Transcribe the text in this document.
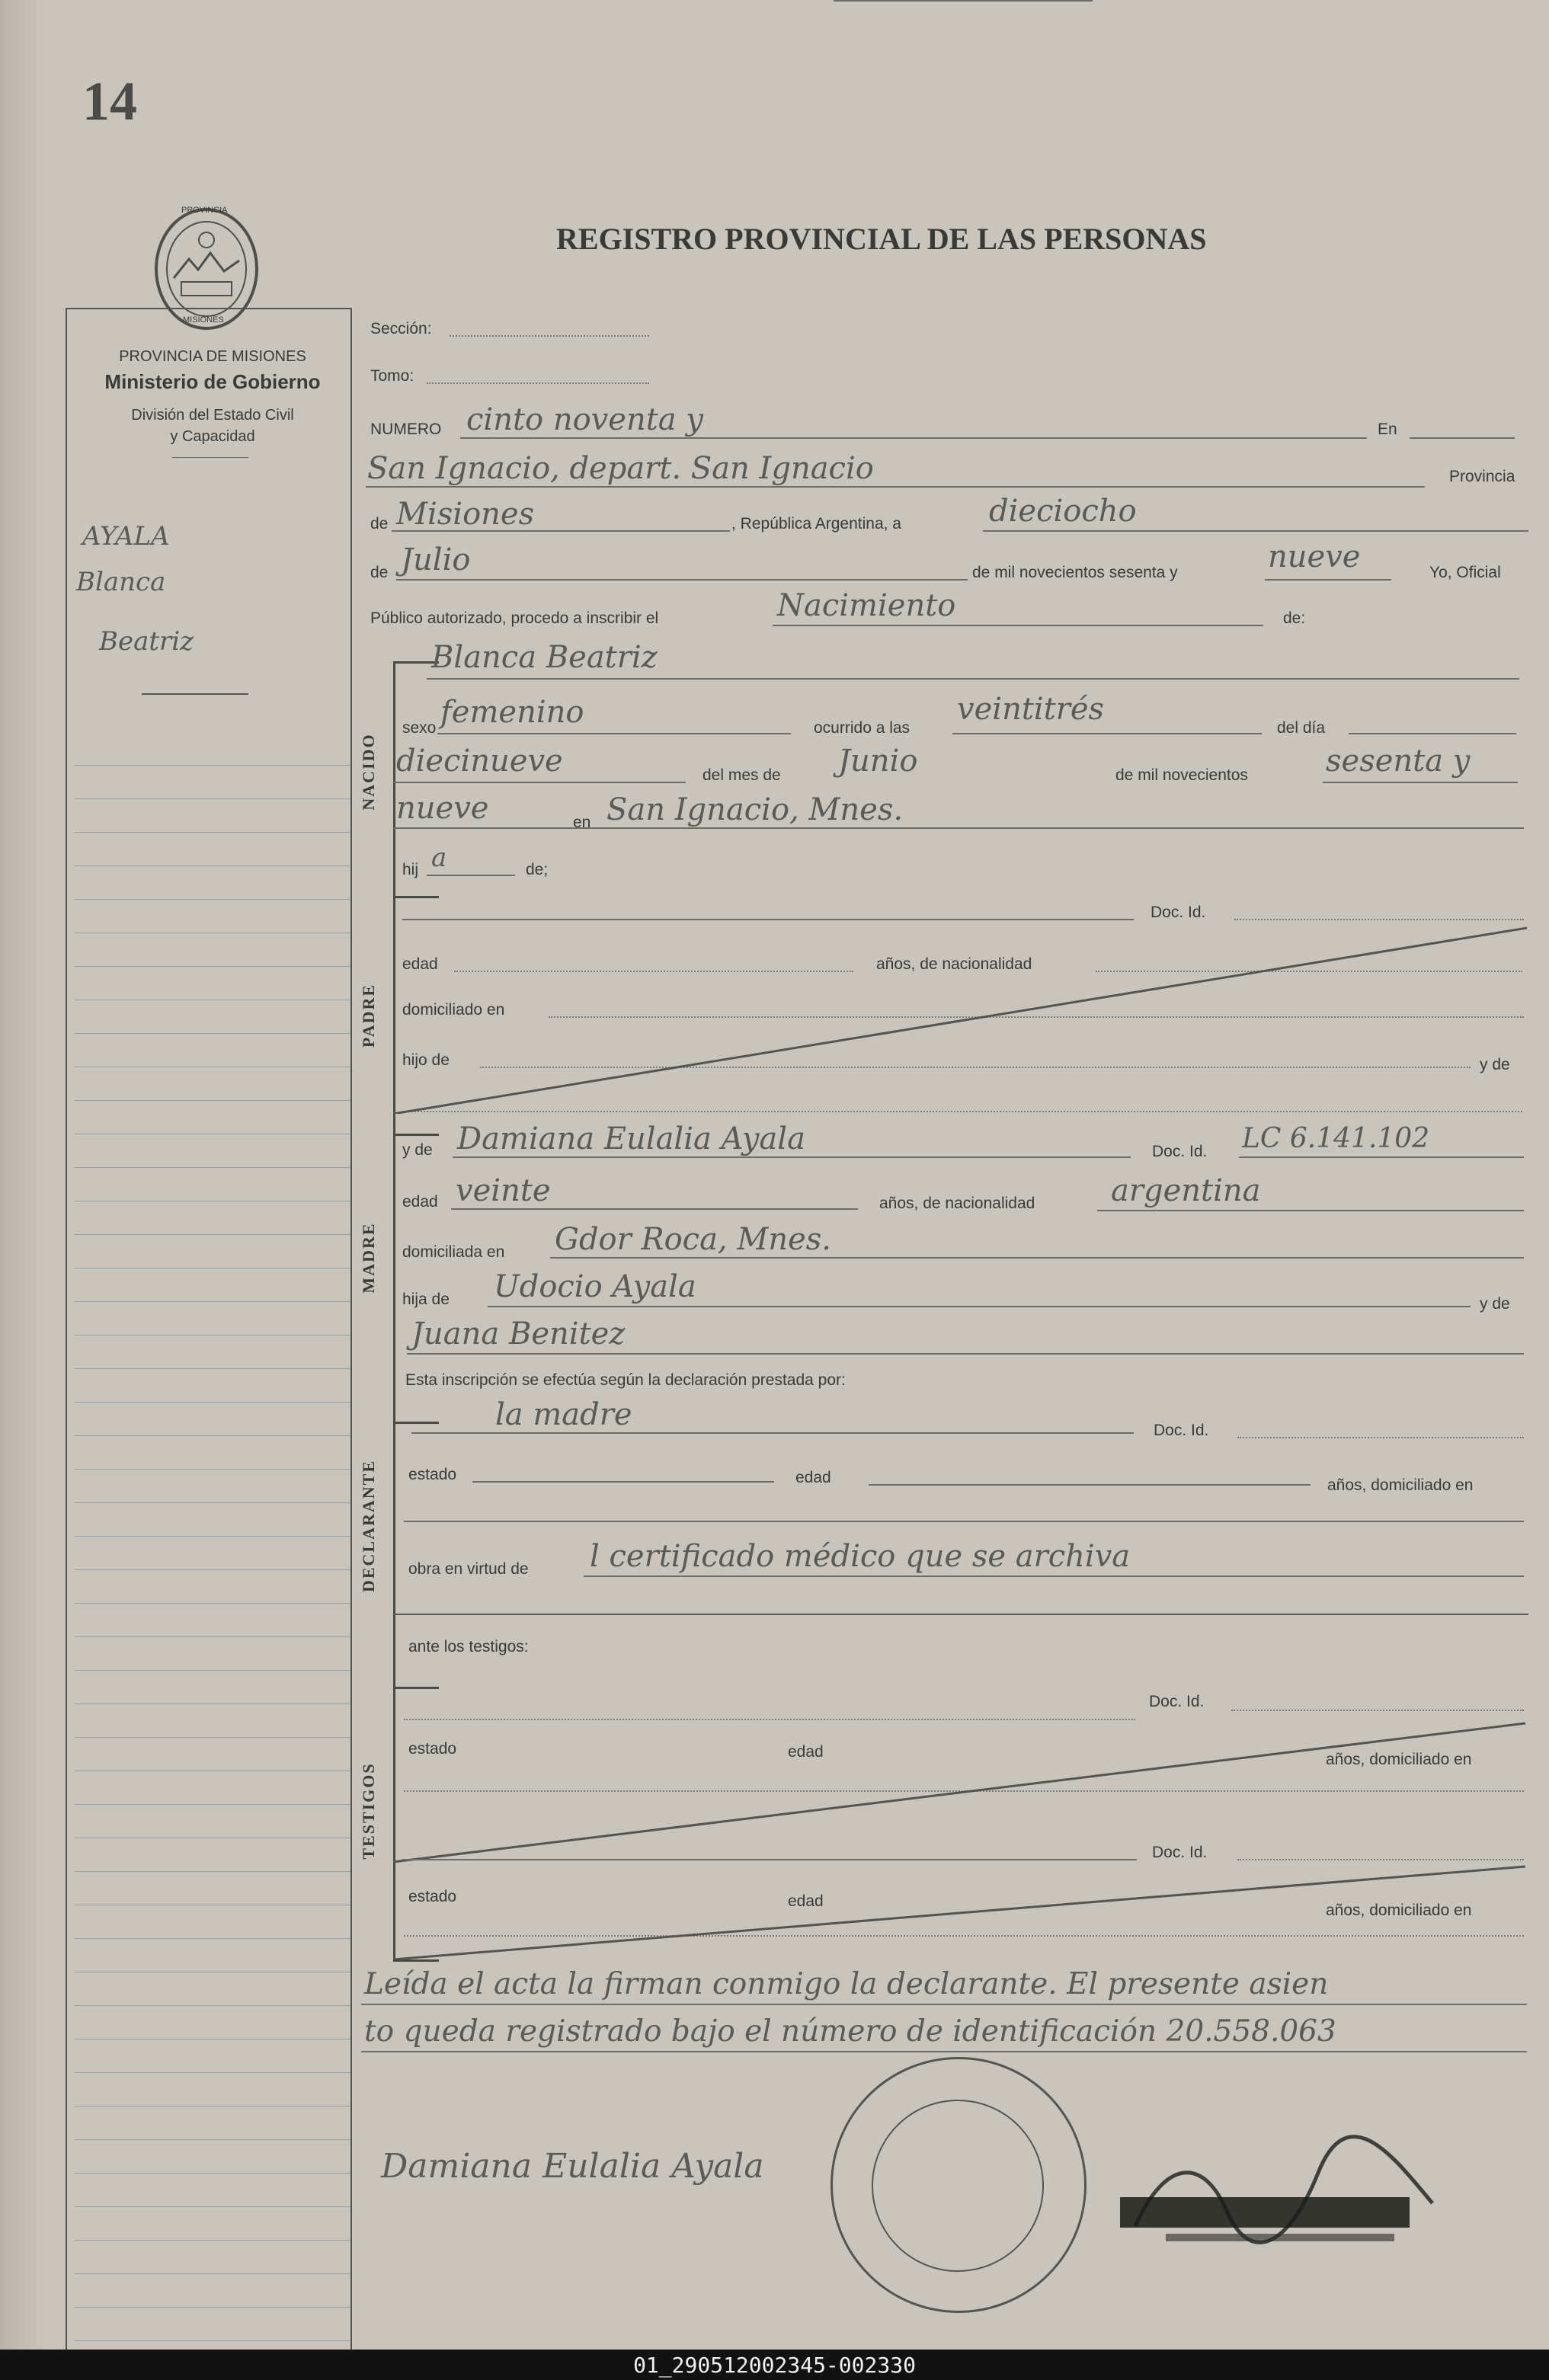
14
PROVINCIA
MISIONES
REGISTRO PROVINCIAL DE LAS PERSONAS
PROVINCIA DE MISIONES
Ministerio de Gobierno
División del Estado Civil
y Capacidad
AYALA
Blanca
Beatriz
Sección:
Tomo:
NUMERO cinto noventa y	En
San Ignacio, depart. San Ignacio	Provincia
de Misiones	, República Argentina, a	dieciocho
de Julio	de mil novecientos sesenta y	nueve	Yo, Oficial
Público autorizado, procedo a inscribir el	Nacimiento	de:
NACIDO
Blanca Beatriz
sexo femenino	ocurrido a las
veintitrés
del día
diecinueve	del mes de Junio	de mil novecientos	sesenta y
nueve	en San Ignacio, Mnes.
hij a	de;
PADRE
Doc. Id.
edad	años, de nacionalidad
domiciliado en
hijo de	y de
MADRE
y de Damiana Eulalia Ayala	Doc. Id. LC 6.141.102
edad veinte	años, de nacionalidad argentina
domiciliada en Gdor Roca, Mnes.
hija de Udocio Ayala	y de
Juana Benitez
Esta inscripción se efectúa según la declaración prestada por:
DECLARANTE
la madre	Doc. Id.
estado	edad	años, domiciliado en
obra en virtud de l certificado médico que se archiva
ante los testigos:
TESTIGOS
Doc. Id.
estado	edad	años, domiciliado en
Doc. Id.
estado	edad
años, domiciliado en
Leída el acta la firman conmigo la declarante. El presente asien
to queda registrado bajo el número de identificación 20.558.063
Damiana Eulalia Ayala
01_290512002345-002330
